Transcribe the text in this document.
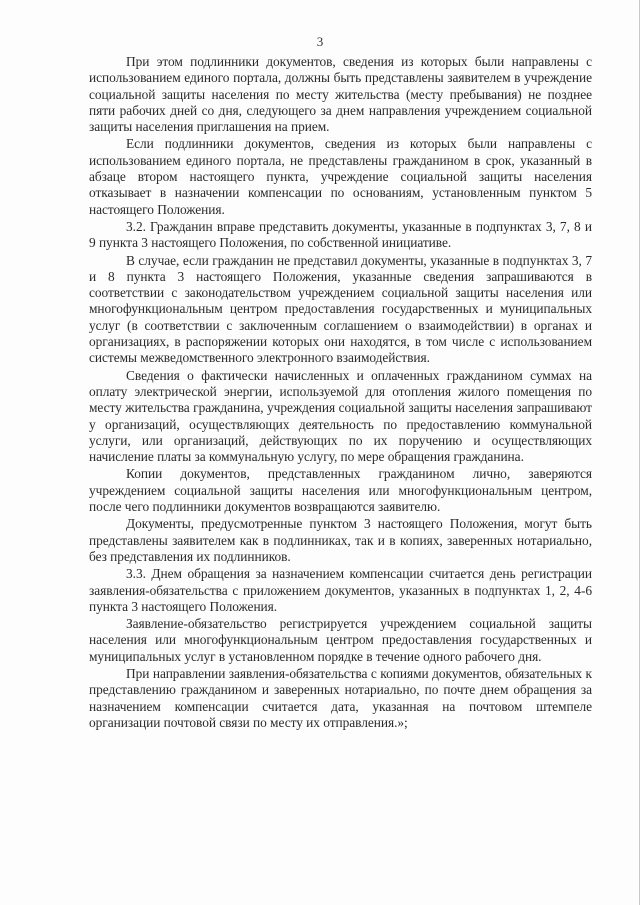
3

При этом подлинники документов, сведения из которых были направлены с использованием единого портала, должны быть представлены заявителем в учреждение социальной защиты населения по месту жительства (месту пребывания) не позднее пяти рабочих дней со дня, следующего за днем направления учреждением социальной защиты населения приглашения на прием.

Если подлинники документов, сведения из которых были направлены с использованием единого портала, не представлены гражданином в срок, указанный в абзаце втором настоящего пункта, учреждение социальной защиты населения отказывает в назначении компенсации по основаниям, установленным пунктом 5 настоящего Положения.

3.2. Гражданин вправе представить документы, указанные в подпунктах 3, 7, 8 и 9 пункта 3 настоящего Положения, по собственной инициативе.

В случае, если гражданин не представил документы, указанные в подпунктах 3, 7 и 8 пункта 3 настоящего Положения, указанные сведения запрашиваются в соответствии с законодательством учреждением социальной защиты населения или многофункциональным центром предоставления государственных и муниципальных услуг (в соответствии с заключенным соглашением о взаимодействии) в органах и организациях, в распоряжении которых они находятся, в том числе с использованием системы межведомственного электронного взаимодействия.

Сведения о фактически начисленных и оплаченных гражданином суммах на оплату электрической энергии, используемой для отопления жилого помещения по месту жительства гражданина, учреждения социальной защиты населения запрашивают у организаций, осуществляющих деятельность по предоставлению коммунальной услуги, или организаций, действующих по их поручению и осуществляющих начисление платы за коммунальную услугу, по мере обращения гражданина.

Копии документов, представленных гражданином лично, заверяются учреждением социальной защиты населения или многофункциональным центром, после чего подлинники документов возвращаются заявителю.

Документы, предусмотренные пунктом 3 настоящего Положения, могут быть представлены заявителем как в подлинниках, так и в копиях, заверенных нотариально, без представления их подлинников.

3.3. Днем обращения за назначением компенсации считается день регистрации заявления-обязательства с приложением документов, указанных в подпунктах 1, 2, 4-6 пункта 3 настоящего Положения.

Заявление-обязательство регистрируется учреждением социальной защиты населения или многофункциональным центром предоставления государственных и муниципальных услуг в установленном порядке в течение одного рабочего дня.

При направлении заявления-обязательства с копиями документов, обязательных к представлению гражданином и заверенных нотариально, по почте днем обращения за назначением компенсации считается дата, указанная на почтовом штемпеле организации почтовой связи по месту их отправления.»;
